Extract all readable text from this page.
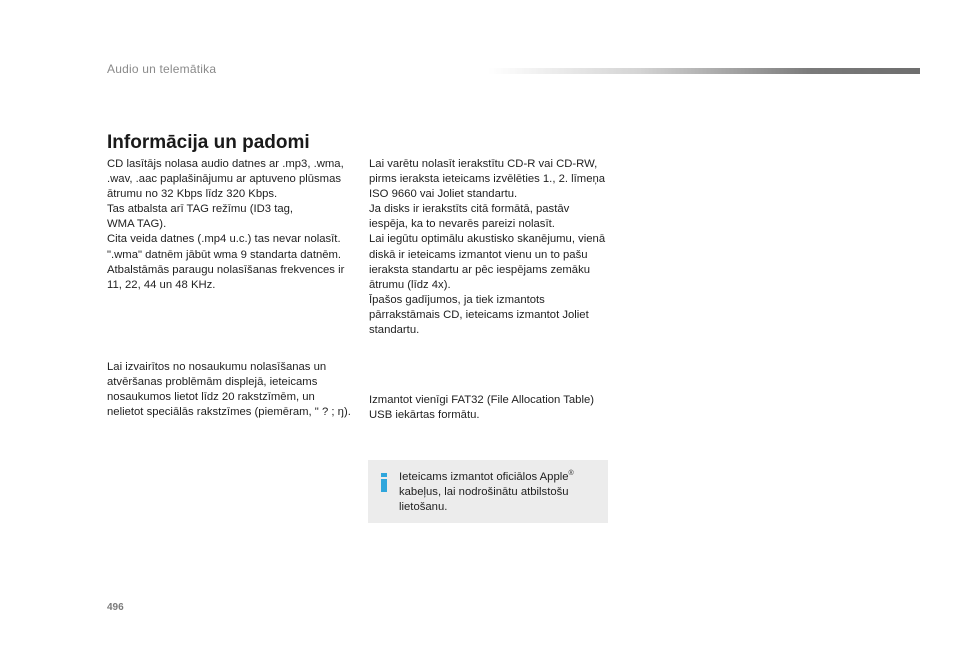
Audio un telemātika
Informācija un padomi

CD lasītājs nolasa audio datnes ar .mp3, .wma,
.wav, .aac paplašinājumu ar aptuveno plūsmas
ātrumu no 32 Kbps līdz 320 Kbps.
Tas atbalsta arī TAG režīmu (ID3 tag,
WMA TAG).
Cita veida datnes (.mp4 u.c.) tas nevar nolasīt.
".wma" datnēm jābūt wma 9 standarta datnēm.
Atbalstāmās paraugu nolasīšanas frekvences ir
11, 22, 44 un 48 KHz.

Lai izvairītos no nosaukumu nolasīšanas un
atvēršanas problēmām displejā, ieteicams
nosaukumos lietot līdz 20 rakstzīmēm, un
nelietot speciālās rakstzīmes (piemēram, " ? ; ŋ).

Lai varētu nolasīt ierakstītu CD-R vai CD-RW,
pirms ieraksta ieteicams izvēlēties 1., 2. līmeņa
ISO 9660 vai Joliet standartu.
Ja disks ir ierakstīts citā formātā, pastāv
iespēja, ka to nevarēs pareizi nolasīt.
Lai iegūtu optimālu akustisko skanējumu, vienā
diskā ir ieteicams izmantot vienu un to pašu
ieraksta standartu ar pēc iespējams zemāku
ātrumu (līdz 4x).
Īpašos gadījumos, ja tiek izmantots
pārrakstāmais CD, ieteicams izmantot Joliet
standartu.

Izmantot vienīgi FAT32 (File Allocation Table)
USB iekārtas formātu.

Ieteicams izmantot oficiālos Apple® kabeļus, lai nodrošinātu atbilstošu lietošanu.
496
